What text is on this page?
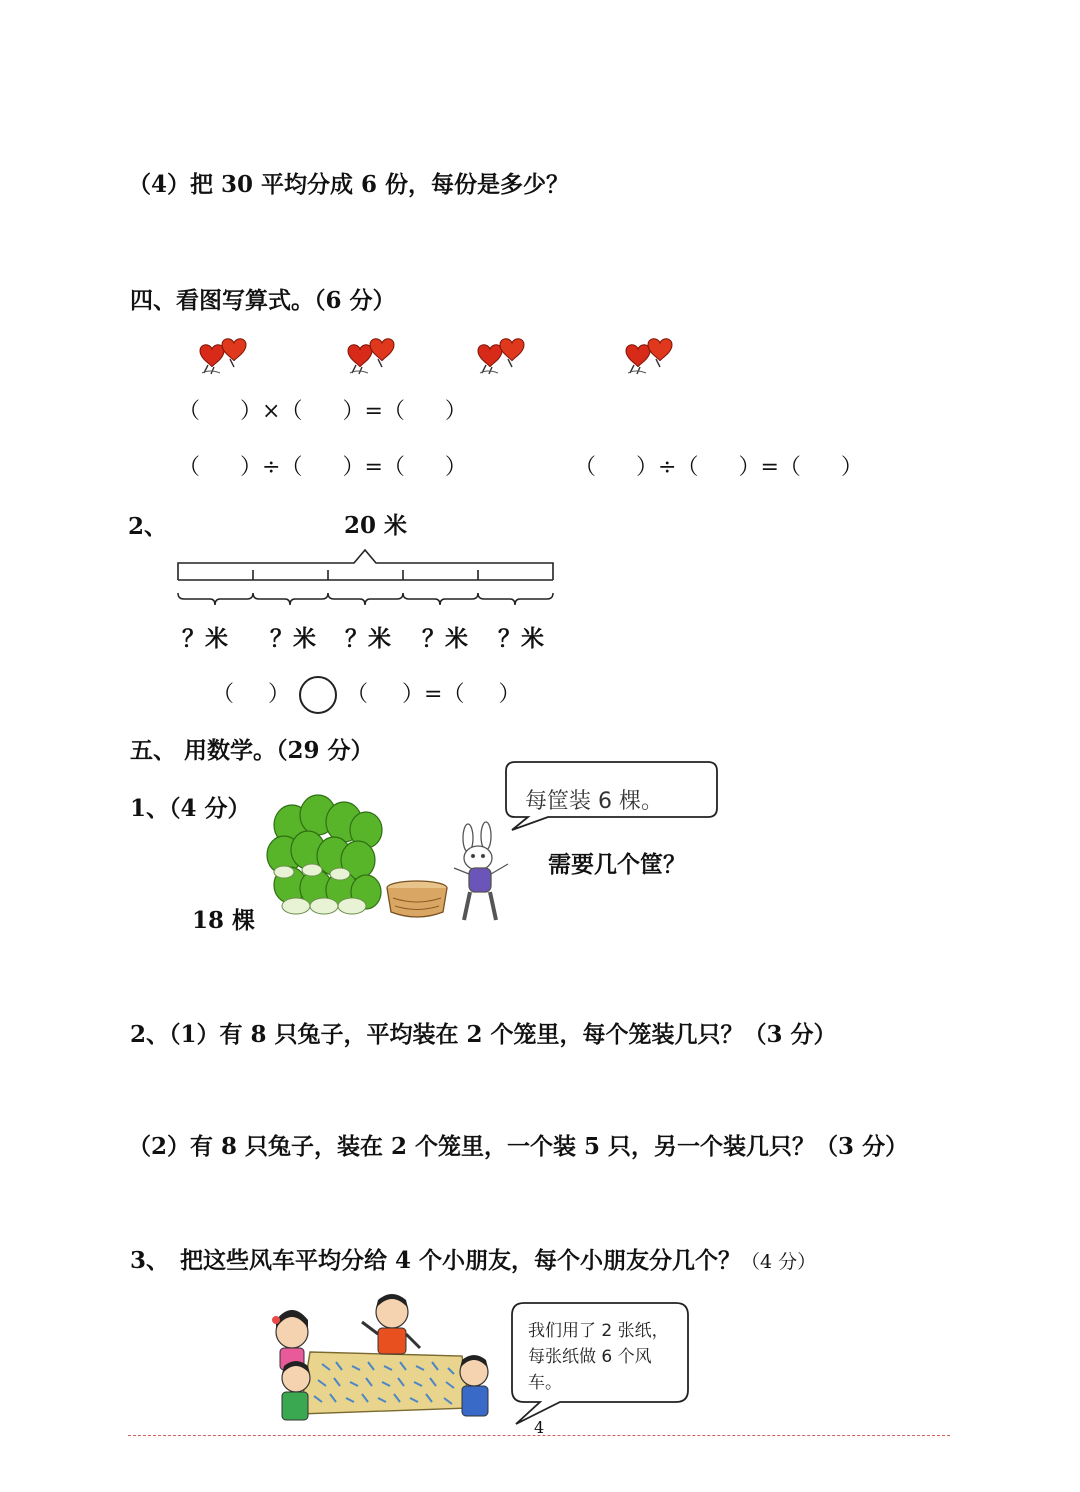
（4）把 30 平均分成 6 份，每份是多少？
四、看图写算式。（6 分）
（ ）×（ ）=（ ）
（ ）÷（ ）=（ ）	（ ）÷（ ）=（ ）
2、	20 米
？米 ？米 ？米 ？米 ？米
（ ）	（ ）=（ ）
五、 用数学。（29 分）
1、（4 分）	每筐装 6 棵。
需要几个筐？
18 棵
2、（1）有 8 只兔子，平均装在 2 个笼里，每个笼装几只？（3 分）
（2）有 8 只兔子，装在 2 个笼里，一个装 5 只，另一个装几只？（3 分）
3、 把这些风车平均分给 4 个小朋友，每个小朋友分几个？（4 分）
我们用了 2 张纸，
每张纸做 6 个风
车。
4
